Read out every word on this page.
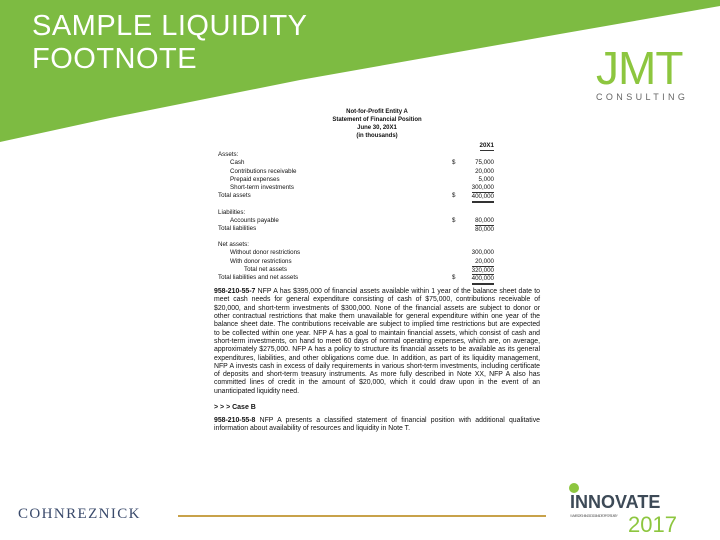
SAMPLE LIQUIDITY FOOTNOTE	JMT
CONSULTING
Not-for-Profit Entity A
Statement of Financial Position
June 30, 20X1
(in thousands)
20X1
Assets:
Cash	$	75,000
Contributions receivable	20,000
Prepaid expenses	5,000
Short-term investments	300,000
Total assets	$	400,000
Liabilities:
Accounts payable	$	80,000
Total liabilities	80,000
Net assets:
Without donor restrictions	300,000
With donor restrictions	20,000
Total net assets	320,000
Total liabilities and net assets	$	400,000

958-210-55-7 NFP A has $395,000 of financial assets available within 1 year of the balance sheet date to meet cash needs for general expenditure consisting of cash of $75,000, contributions receivable of $20,000, and short-term investments of $300,000. None of the financial assets are subject to donor or other contractual restrictions that make them unavailable for general expenditure within one year of the balance sheet date. The contributions receivable are subject to implied time restrictions but are expected to be collected within one year. NFP A has a goal to maintain financial assets, which consist of cash and short-term investments, on hand to meet 60 days of normal operating expenses, which are, on average, approximately $275,000. NFP A has a policy to structure its financial assets to be available as its general expenditures, liabilities, and other obligations come due. In addition, as part of its liquidity management, NFP A invests cash in excess of daily requirements in various short-term investments, including certificate of deposits and short-term treasury instruments. As more fully described in Note XX, NFP A also has committed lines of credit in the amount of $20,000, which it could draw upon in the event of an unanticipated liquidity need.

> > > Case B

958-210-55-8 NFP A presents a classified statement of financial position with additional qualitative information about availability of resources and liquidity in Note T.

COHNREZNICK
INNOVATE
WAVES OF CHANGE OCEANS OF OPPORTUNITY 2017
